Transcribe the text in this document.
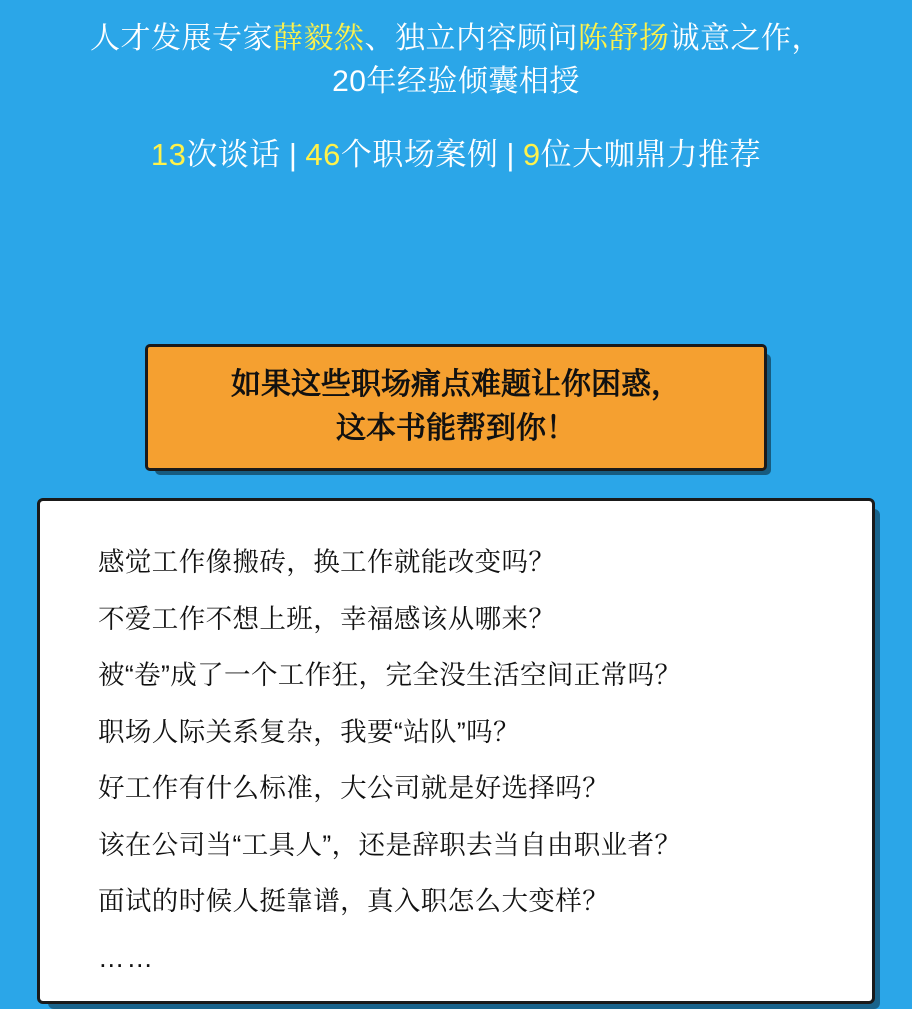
人才发展专家薛毅然、独立内容顾问陈舒扬诚意之作，
20年经验倾囊相授
13次谈话 | 46个职场案例 | 9位大咖鼎力推荐
如果这些职场痛点难题让你困惑，
这本书能帮到你！
感觉工作像搬砖，换工作就能改变吗？
不爱工作不想上班，幸福感该从哪来？
被“卷”成了一个工作狂，完全没生活空间正常吗？
职场人际关系复杂，我要“站队”吗？
好工作有什么标准，大公司就是好选择吗？
该在公司当“工具人”，还是辞职去当自由职业者？
面试的时候人挺靠谱，真入职怎么大变样？
……
